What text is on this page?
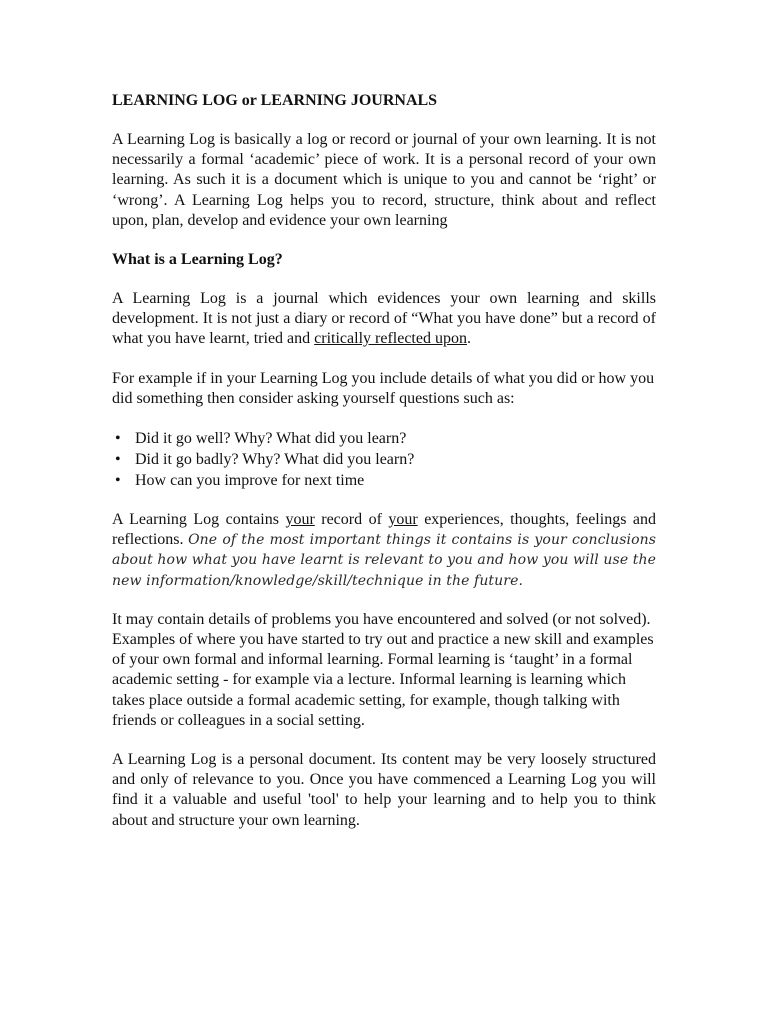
LEARNING LOG or LEARNING JOURNALS

A Learning Log is basically a log or record or journal of your own learning. It is not necessarily a formal ‘academic’ piece of work. It is a personal record of your own learning. As such it is a document which is unique to you and cannot be ‘right’ or ‘wrong’. A Learning Log helps you to record, structure, think about and reflect upon, plan, develop and evidence your own learning

What is a Learning Log?

A Learning Log is a journal which evidences your own learning and skills development. It is not just a diary or record of “What you have done” but a record of what you have learnt, tried and critically reflected upon.

For example if in your Learning Log you include details of what you did or how you did something then consider asking yourself questions such as:

• Did it go well? Why? What did you learn?
• Did it go badly? Why? What did you learn?
• How can you improve for next time

A Learning Log contains your record of your experiences, thoughts, feelings and reflections. One of the most important things it contains is your conclusions about how what you have learnt is relevant to you and how you will use the new information/knowledge/skill/technique in the future.

It may contain details of problems you have encountered and solved (or not solved). Examples of where you have started to try out and practice a new skill and examples of your own formal and informal learning. Formal learning is ‘taught’ in a formal academic setting - for example via a lecture. Informal learning is learning which takes place outside a formal academic setting, for example, though talking with friends or colleagues in a social setting.

A Learning Log is a personal document. Its content may be very loosely structured and only of relevance to you. Once you have commenced a Learning Log you will find it a valuable and useful 'tool' to help your learning and to help you to think about and structure your own learning.
